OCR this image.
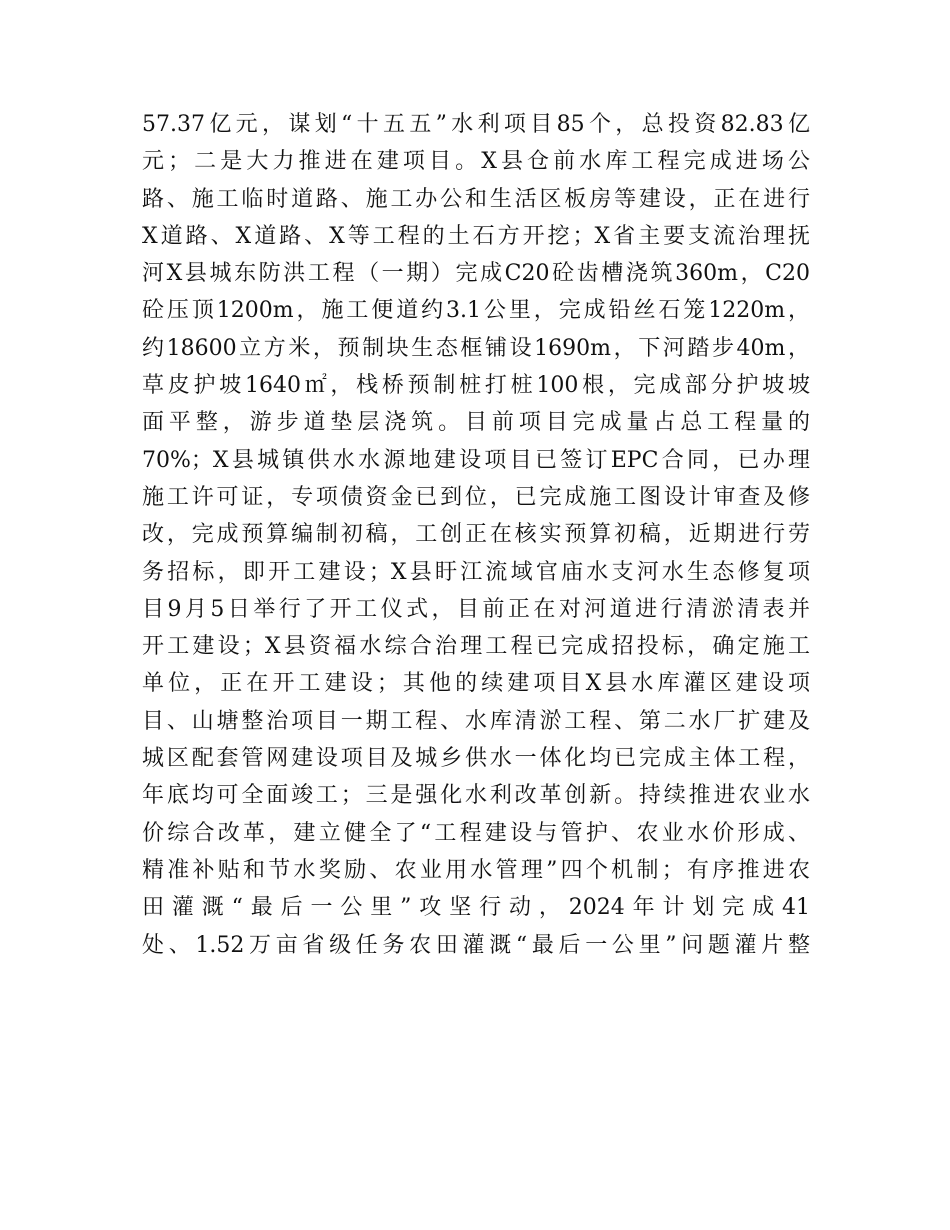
57.37亿元，谋划“十五五”水利项目85个，总投资82.83亿
元；二是大力推进在建项目。X县仓前水库工程完成进场公
路、施工临时道路、施工办公和生活区板房等建设，正在进行
X道路、X道路、X等工程的土石方开挖；X省主要支流治理抚
河X县城东防洪工程（一期）完成C20砼齿槽浇筑360m，C20
砼压顶1200m，施工便道约3.1公里，完成铅丝石笼1220m，
约18600立方米，预制块生态框铺设1690m，下河踏步40m，
草皮护坡1640㎡，栈桥预制桩打桩100根，完成部分护坡坡
面平整，游步道垫层浇筑。目前项目完成量占总工程量的
70%；X县城镇供水水源地建设项目已签订EPC合同，已办理
施工许可证，专项债资金已到位，已完成施工图设计审查及修
改，完成预算编制初稿，工创正在核实预算初稿，近期进行劳
务招标，即开工建设；X县盱江流域官庙水支河水生态修复项
目9月5日举行了开工仪式，目前正在对河道进行清淤清表并
开工建设；X县资福水综合治理工程已完成招投标，确定施工
单位，正在开工建设；其他的续建项目X县水库灌区建设项
目、山塘整治项目一期工程、水库清淤工程、第二水厂扩建及
城区配套管网建设项目及城乡供水一体化均已完成主体工程，
年底均可全面竣工；三是强化水利改革创新。持续推进农业水
价综合改革，建立健全了“工程建设与管护、农业水价形成、
精准补贴和节水奖励、农业用水管理”四个机制；有序推进农
田灌溉“最后一公里”攻坚行动，2024年计划完成41
处、1.52万亩省级任务农田灌溉“最后一公里”问题灌片整
